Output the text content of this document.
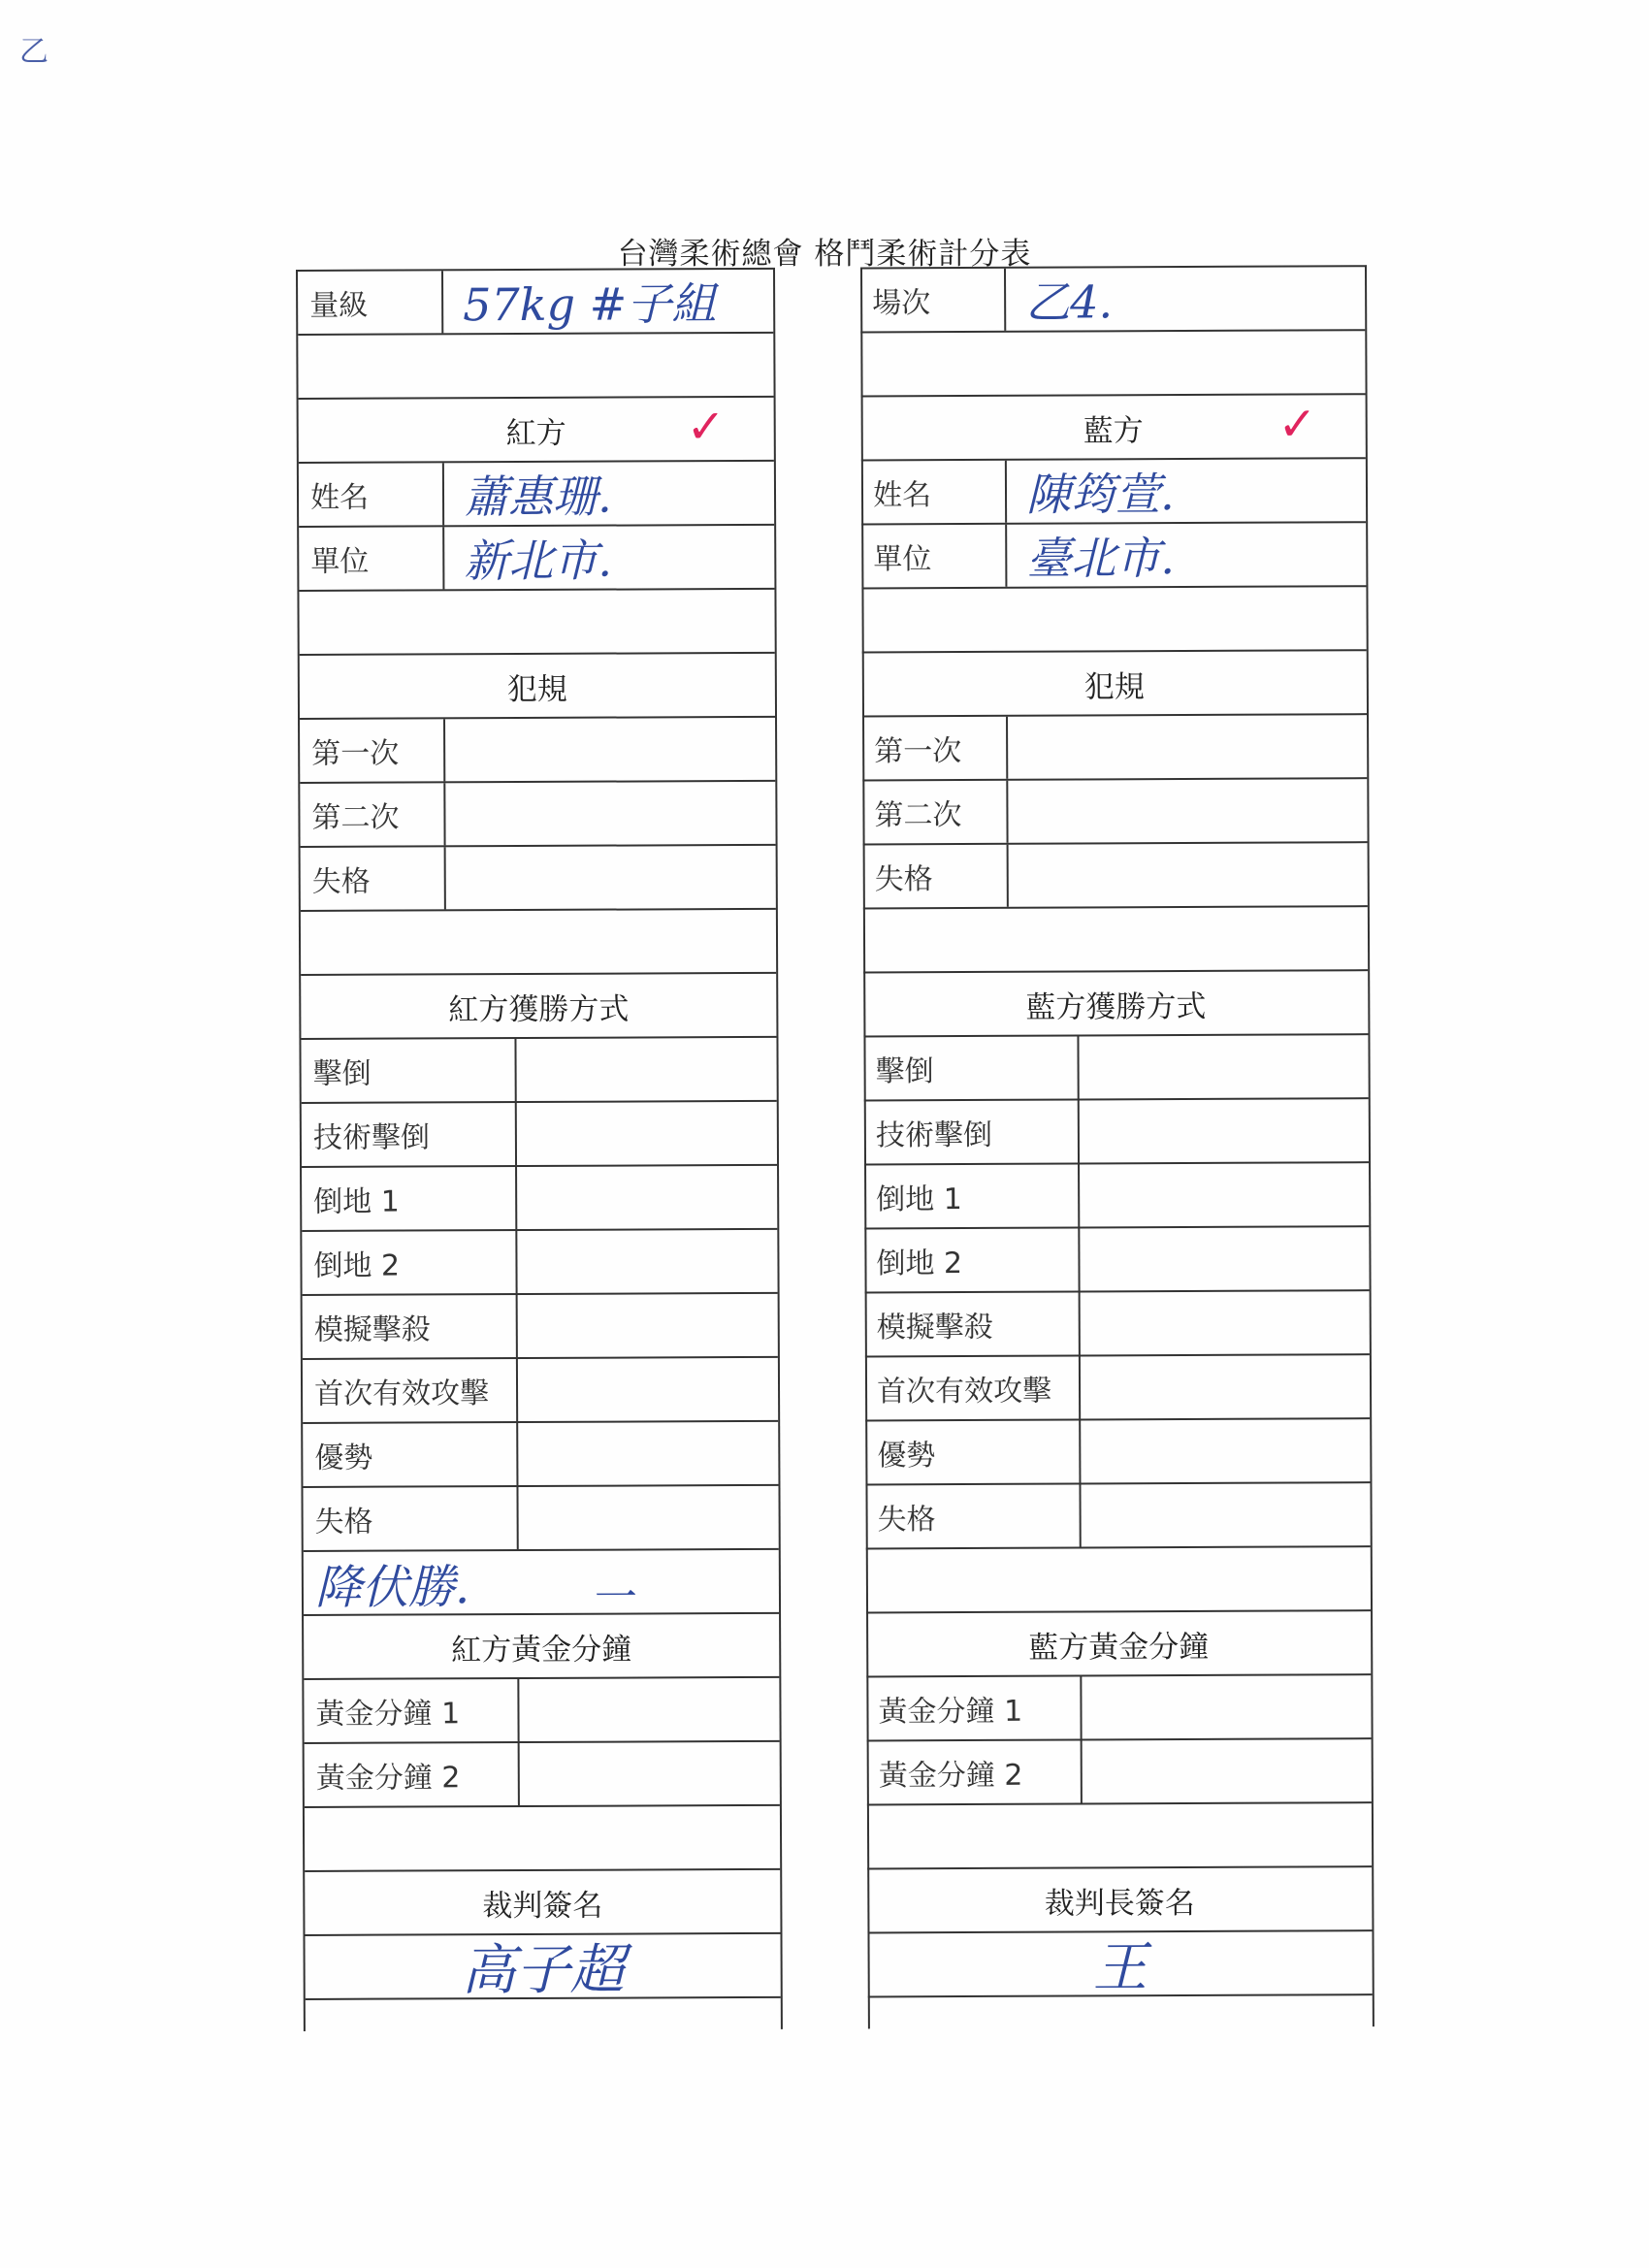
乙
台灣柔術總會 格鬥柔術計分表
量級	57kg #子組
紅方	✓
姓名	蕭惠珊.
單位	新北市.
犯規
第一次
第二次
失格
紅方獲勝方式
擊倒
技術擊倒
倒地 1
倒地 2
模擬擊殺
首次有效攻擊
優勢
失格
降伏勝.	一
紅方黃金分鐘
黃金分鐘 1
黃金分鐘 2
裁判簽名
高子超
場次	乙4.
藍方	✓
姓名	陳筠萱.
單位	臺北市.
犯規
第一次
第二次
失格
藍方獲勝方式
擊倒
技術擊倒
倒地 1
倒地 2
模擬擊殺
首次有效攻擊
優勢
失格
藍方黃金分鐘
黃金分鐘 1
黃金分鐘 2
裁判長簽名
王
